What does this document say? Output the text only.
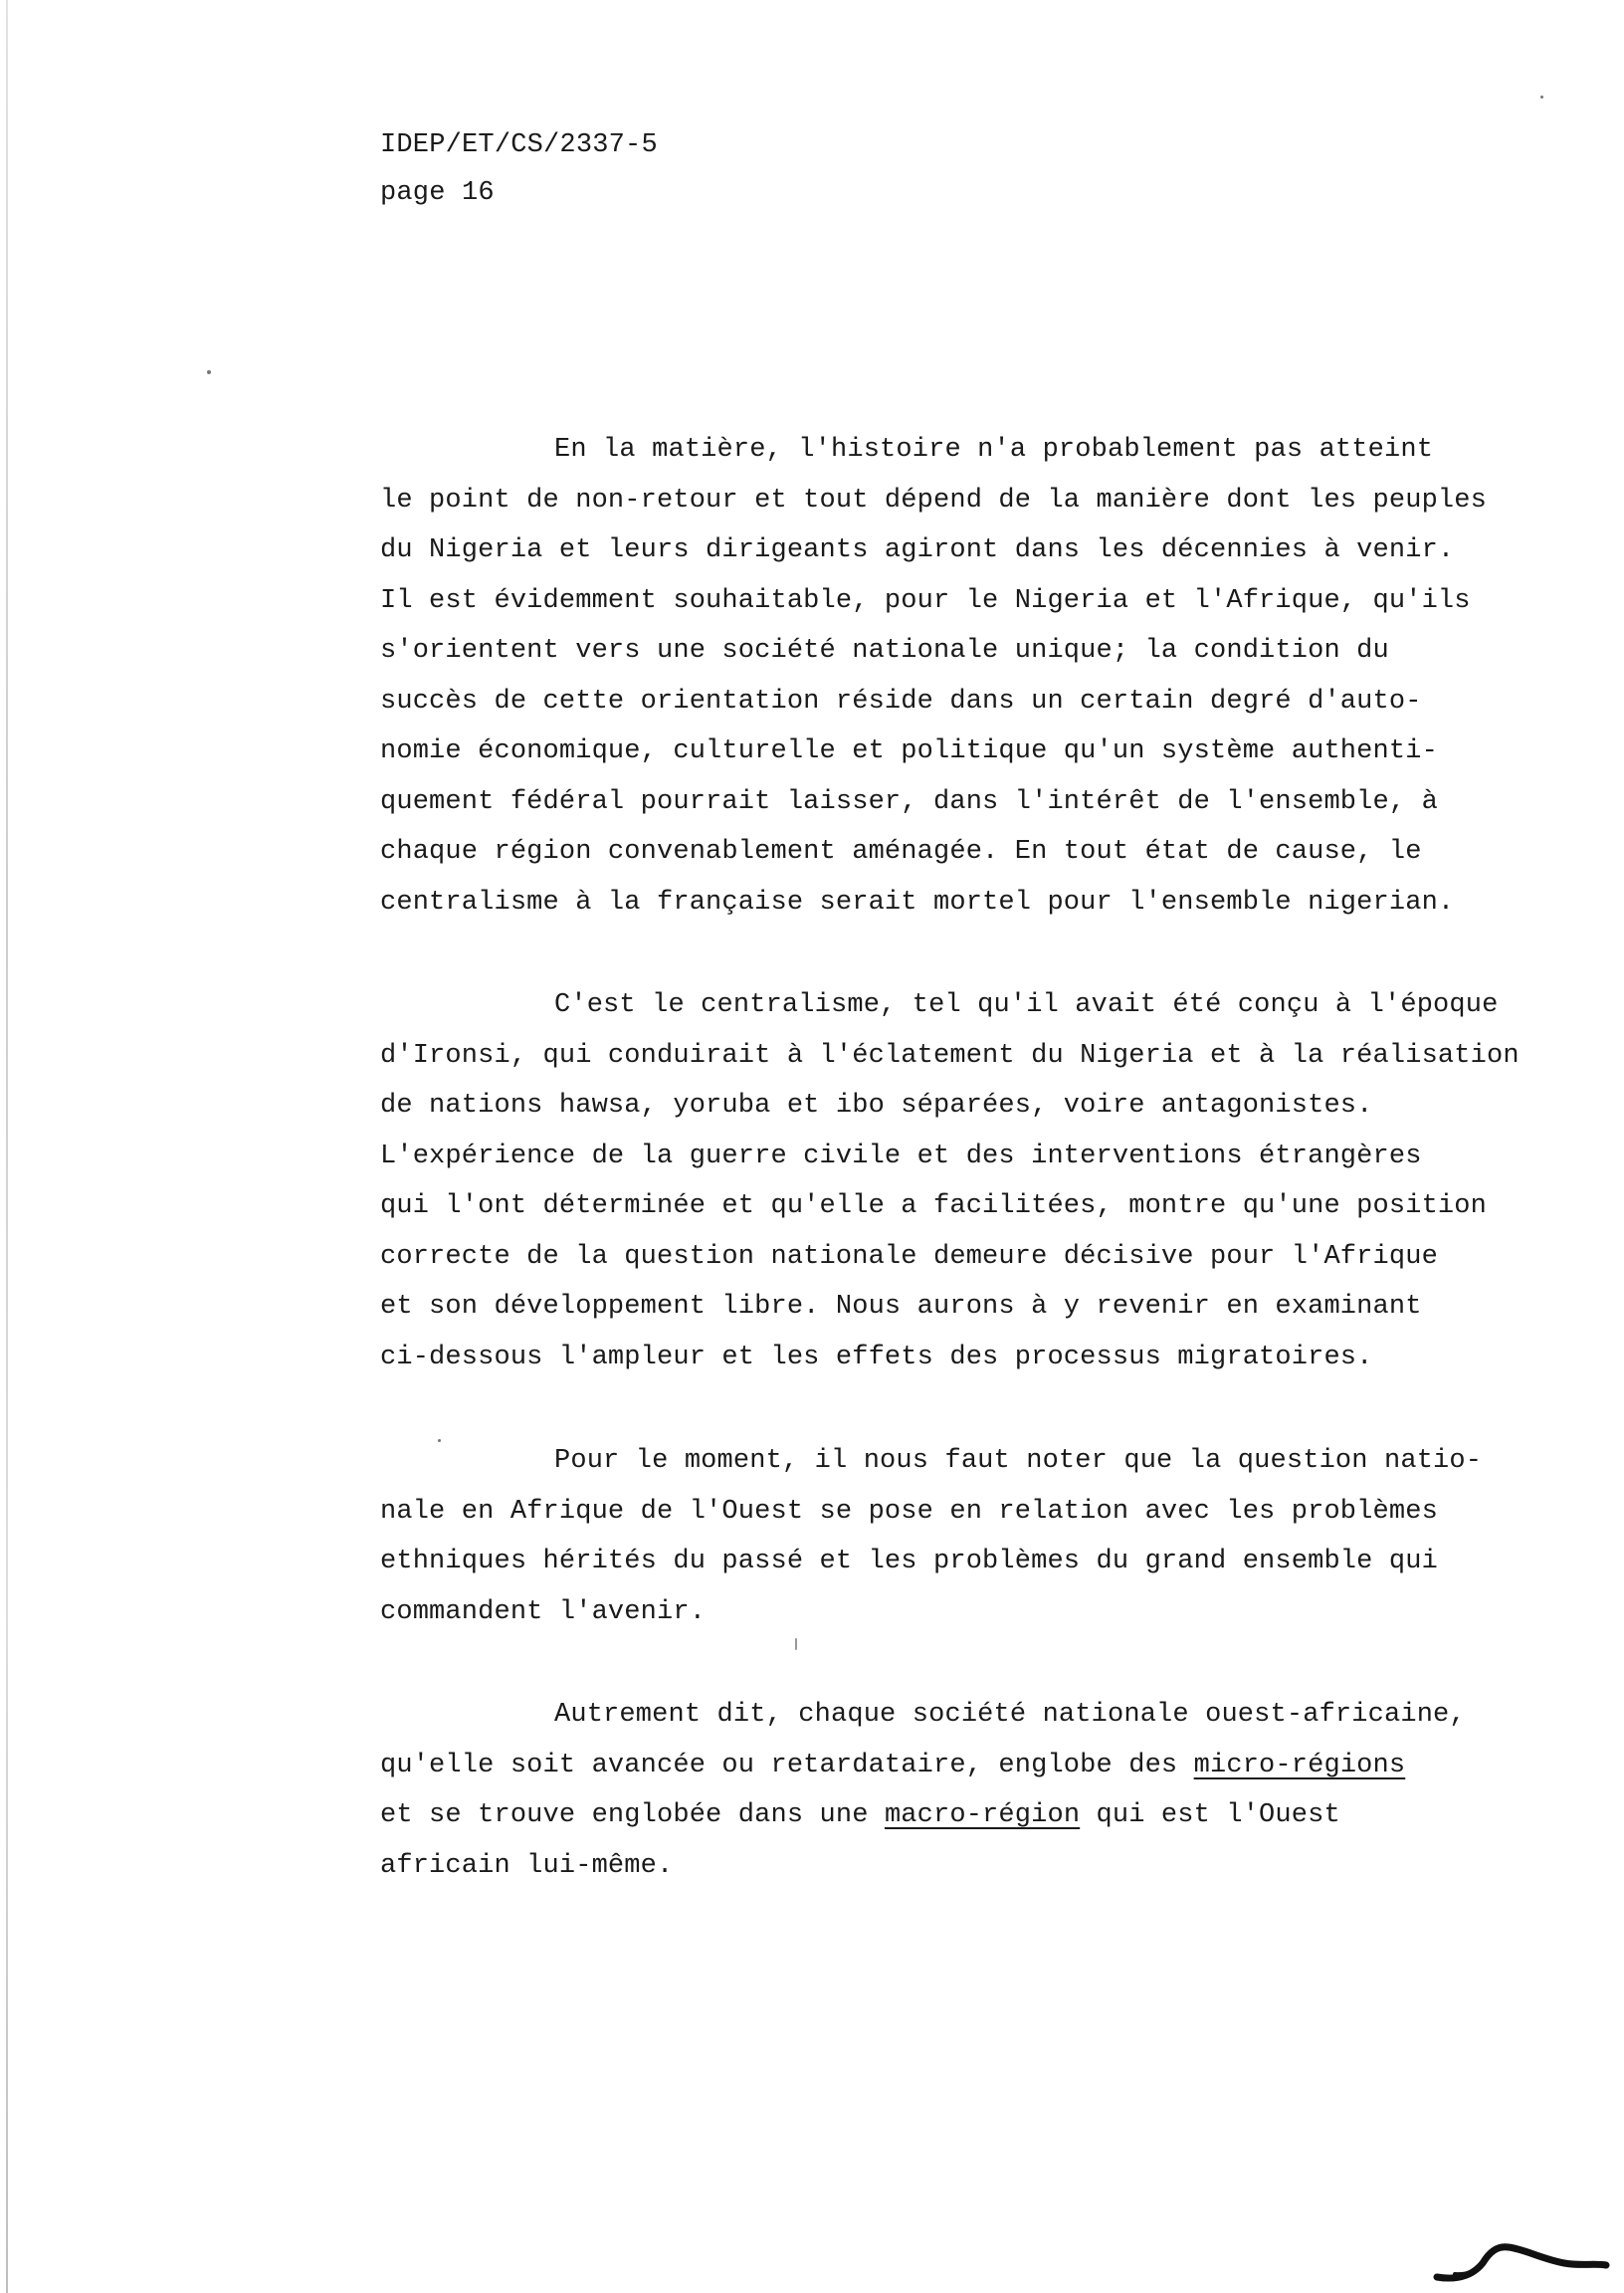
IDEP/ET/CS/2337-5
page 16
En la matière, l'histoire n'a probablement pas atteint
le point de non-retour et tout dépend de la manière dont les peuples
du Nigeria et leurs dirigeants agiront dans les décennies à venir.
Il est évidemment souhaitable, pour le Nigeria et l'Afrique, qu'ils
s'orientent vers une société nationale unique; la condition du
succès de cette orientation réside dans un certain degré d'auto-
nomie économique, culturelle et politique qu'un système authenti-
quement fédéral pourrait laisser, dans l'intérêt de l'ensemble, à
chaque région convenablement aménagée. En tout état de cause, le
centralisme à la française serait mortel pour l'ensemble nigerian.
C'est le centralisme, tel qu'il avait été conçu à l'époque
d'Ironsi, qui conduirait à l'éclatement du Nigeria et à la réalisation
de nations hawsa, yoruba et ibo séparées, voire antagonistes.
L'expérience de la guerre civile et des interventions étrangères
qui l'ont déterminée et qu'elle a facilitées, montre qu'une position
correcte de la question nationale demeure décisive pour l'Afrique
et son développement libre. Nous aurons à y revenir en examinant
ci-dessous l'ampleur et les effets des processus migratoires.
Pour le moment, il nous faut noter que la question natio-
nale en Afrique de l'Ouest se pose en relation avec les problèmes
ethniques hérités du passé et les problèmes du grand ensemble qui
commandent l'avenir.
Autrement dit, chaque société nationale ouest-africaine,
qu'elle soit avancée ou retardataire, englobe des micro-régions
et se trouve englobée dans une macro-région qui est l'Ouest
africain lui-même.
